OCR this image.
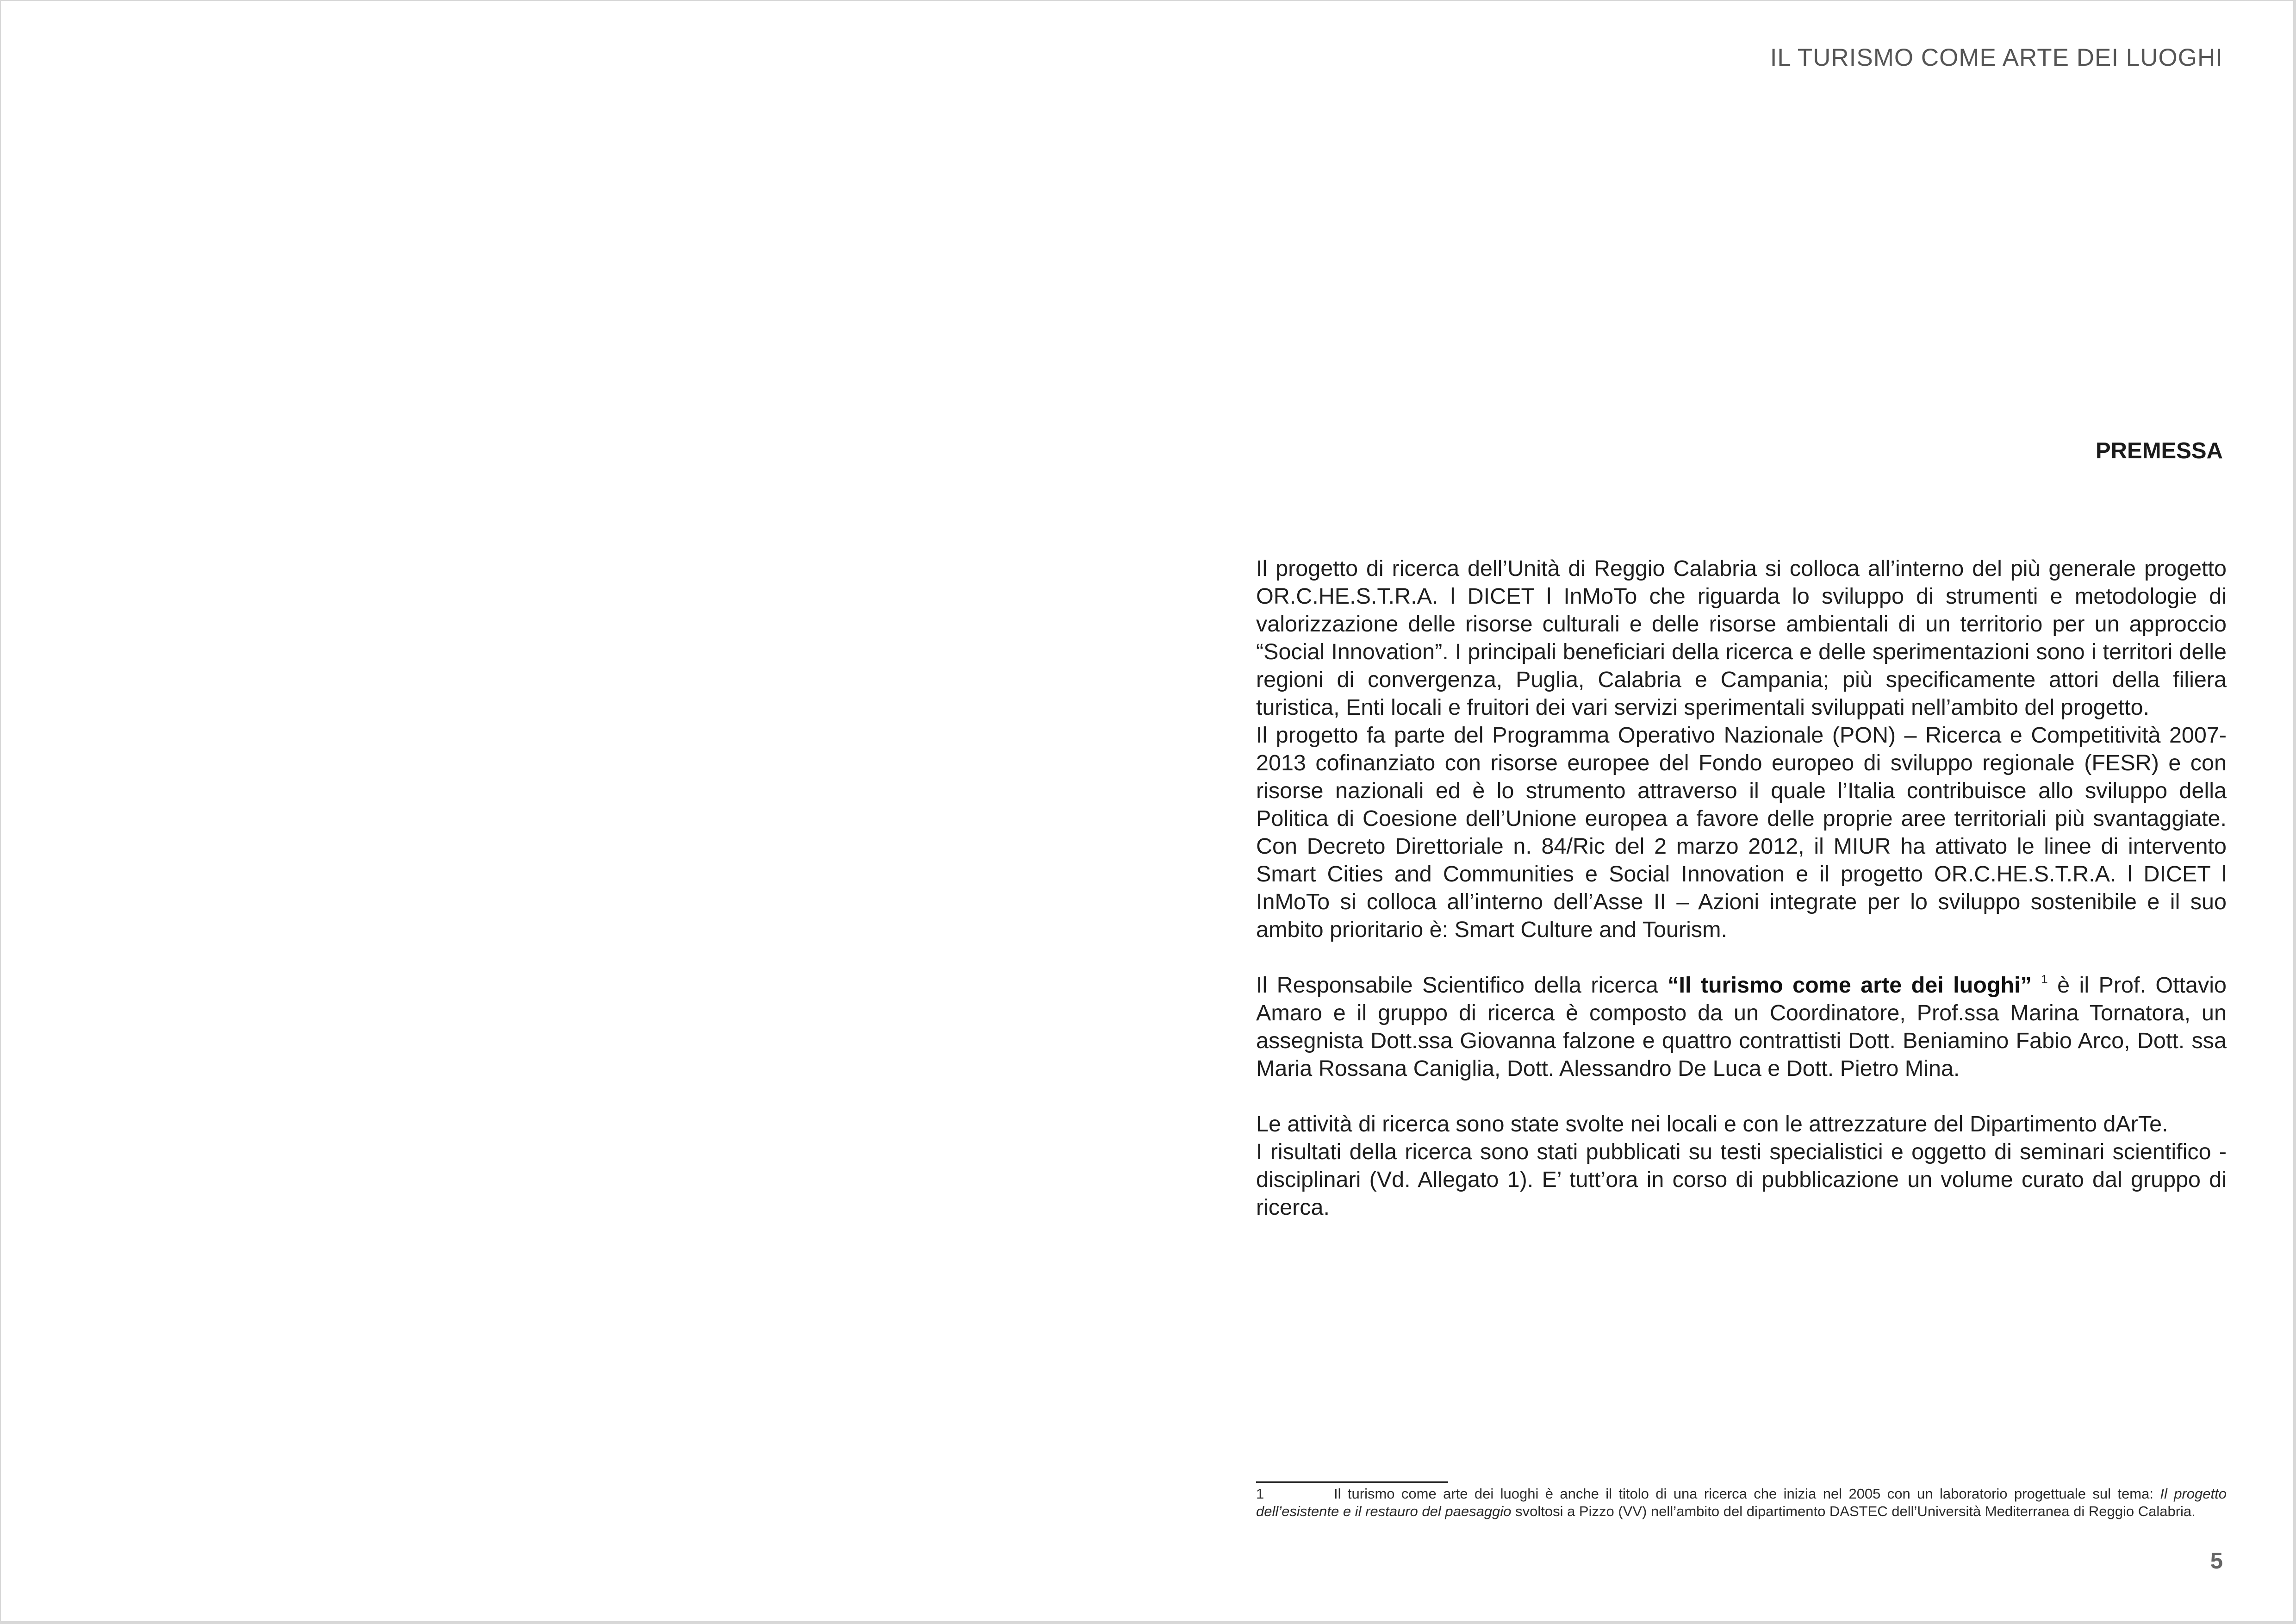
IL TURISMO COME ARTE DEI LUOGHI
PREMESSA

Il progetto di ricerca dell’Unità di Reggio Calabria si colloca all’interno del più generale progetto OR.C.HE.S.T.R.A. l DICET l InMoTo che riguarda lo sviluppo di strumenti e metodologie di valorizzazione delle risorse culturali e delle risorse ambientali di un territorio per un approccio “Social Innovation”. I principali beneficiari della ricerca e delle sperimentazioni sono i territori delle regioni di convergenza, Puglia, Calabria e Campania; più specificamente attori della filiera turistica, Enti locali e fruitori dei vari servizi sperimentali sviluppati nell’ambito del progetto.

Il progetto fa parte del Programma Operativo Nazionale (PON) – Ricerca e Competitività 2007-2013 cofinanziato con risorse europee del Fondo europeo di sviluppo regionale (FESR) e con risorse nazionali ed è lo strumento attraverso il quale l’Italia contribuisce allo sviluppo della Politica di Coesione dell’Unione europea a favore delle proprie aree territoriali più svantaggiate. Con Decreto Direttoriale n. 84/Ric del 2 marzo 2012, il MIUR ha attivato le linee di intervento Smart Cities and Communities e Social Innovation e il progetto OR.C.HE.S.T.R.A. l DICET l InMoTo si colloca all’interno dell’Asse II – Azioni integrate per lo sviluppo sostenibile e il suo ambito prioritario è: Smart Culture and Tourism.

Il Responsabile Scientifico della ricerca “Il turismo come arte dei luoghi” $^1$ è il Prof. Ottavio Amaro e il gruppo di ricerca è composto da un Coordinatore, Prof.ssa Marina Tornatora, un assegnista Dott.ssa Giovanna falzone e quattro contrattisti Dott. Beniamino Fabio Arco, Dott. ssa Maria Rossana Caniglia, Dott. Alessandro De Luca e Dott. Pietro Mina.

Le attività di ricerca sono state svolte nei locali e con le attrezzature del Dipartimento dArTe.

I risultati della ricerca sono stati pubblicati su testi specialistici e oggetto di seminari scientifico - disciplinari (Vd. Allegato 1). E’ tutt’ora in corso di pubblicazione un volume curato dal gruppo di ricerca.

1	Il turismo come arte dei luoghi è anche il titolo di una ricerca che inizia nel 2005 con un laboratorio progettuale sul tema: Il progetto dell’esistente e il restauro del paesaggio svoltosi a Pizzo (VV) nell’ambito del dipartimento DASTEC dell’Università Mediterranea di Reggio Calabria.
5
